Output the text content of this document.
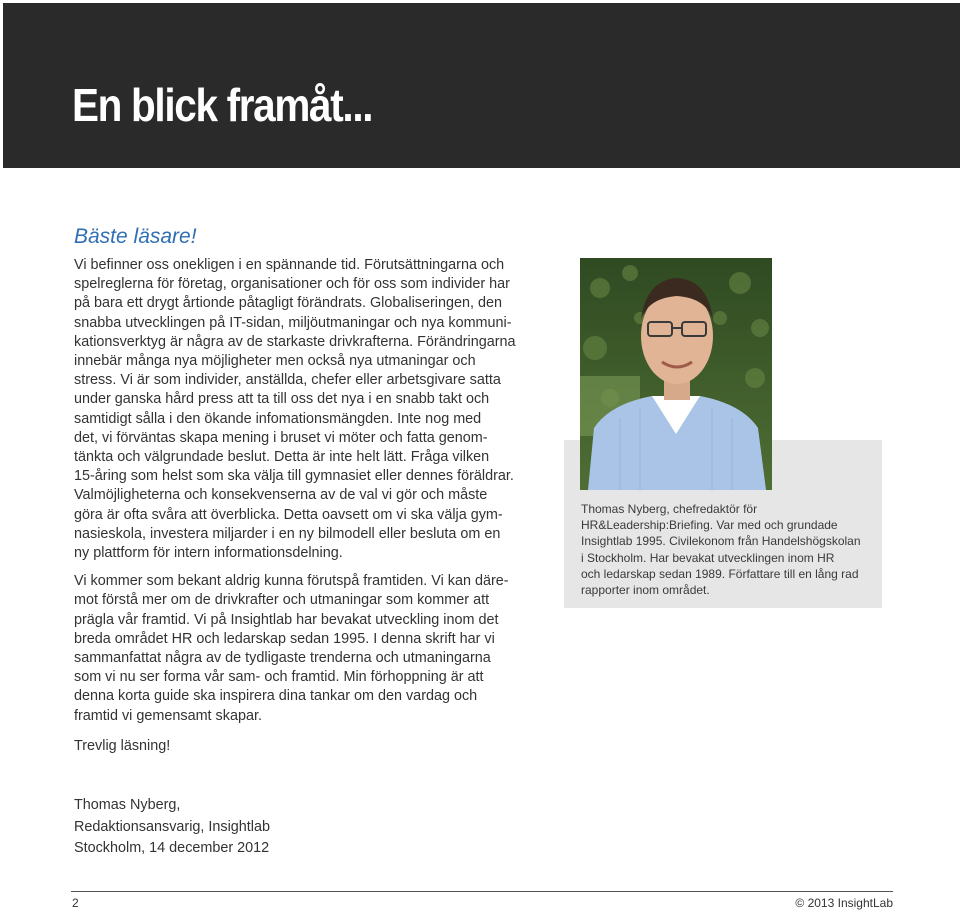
En blick framåt...
Bäste läsare!

Vi befinner oss onekligen i en spännande tid. Förutsättningarna och

spelreglerna för företag, organisationer och för oss som individer har

på bara ett drygt årtionde påtagligt förändrats. Globaliseringen, den

snabba utvecklingen på IT-sidan, miljöutmaningar och nya kommuni-

kationsverktyg är några av de starkaste drivkrafterna. Förändringarna

innebär många nya möjligheter men också nya utmaningar och

stress. Vi är som individer, anställda, chefer eller arbetsgivare satta

under ganska hård press att ta till oss det nya i en snabb takt och

samtidigt sålla i den ökande infomationsmängden. Inte nog med

det, vi förväntas skapa mening i bruset vi möter och fatta genom-

tänkta och välgrundade beslut. Detta är inte helt lätt. Fråga vilken

15-åring som helst som ska välja till gymnasiet eller dennes föräldrar.

Valmöjligheterna och konsekvenserna av de val vi gör och måste

göra är ofta svåra att överblicka. Detta oavsett om vi ska välja gym-

nasieskola, investera miljarder i en ny bilmodell eller besluta om en

ny plattform för intern informationsdelning.

Vi kommer som bekant aldrig kunna förutspå framtiden. Vi kan däre-

mot förstå mer om de drivkrafter och utmaningar som kommer att

prägla vår framtid. Vi på Insightlab har bevakat utveckling inom det

breda området HR och ledarskap sedan 1995. I denna skrift har vi

sammanfattat några av de tydligaste trenderna och utmaningarna

som vi nu ser forma vår sam- och framtid. Min förhoppning är att

denna korta guide ska inspirera dina tankar om den vardag och

framtid vi gemensamt skapar.

Trevlig läsning!

Thomas Nyberg,
Redaktionsansvarig, Insightlab
Stockholm, 14 december 2012
Thomas Nyberg, chefredaktör för
HR&Leadership:Briefing. Var med och grundade
Insightlab 1995. Civilekonom från Handelshögskolan
i Stockholm. Har bevakat utvecklingen inom HR
och ledarskap sedan 1989. Författare till en lång rad
rapporter inom området.
2	© 2013 InsightLab
